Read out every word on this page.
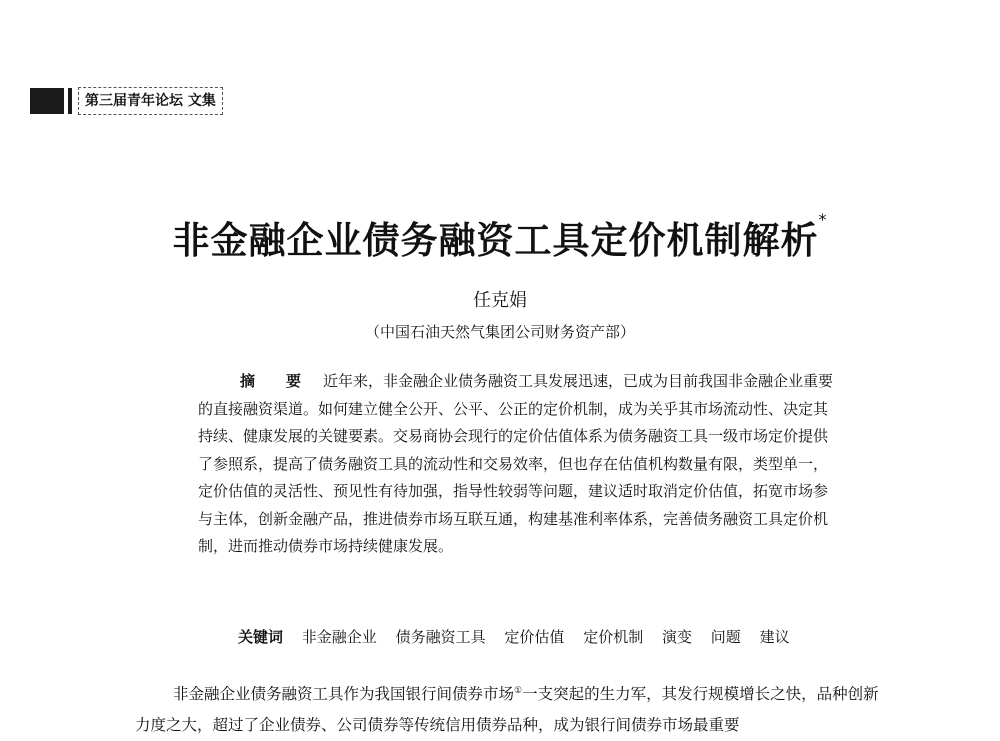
第三届青年论坛 文集
非金融企业债务融资工具定价机制解析*
任克娟
（中国石油天然气集团公司财务资产部）
摘　要 近年来，非金融企业债务融资工具发展迅速，已成为目前我国非金融企业重要的直接融资渠道。如何建立健全公开、公平、公正的定价机制，成为关乎其市场流动性、决定其持续、健康发展的关键要素。交易商协会现行的定价估值体系为债务融资工具一级市场定价提供了参照系，提高了债务融资工具的流动性和交易效率，但也存在估值机构数量有限，类型单一，定价估值的灵活性、预见性有待加强，指导性较弱等问题，建议适时取消定价估值，拓宽市场参与主体，创新金融产品，推进债券市场互联互通，构建基准利率体系，完善债务融资工具定价机制，进而推动债券市场持续健康发展。
关键词 非金融企业 债务融资工具 定价估值 定价机制 演变 问题 建议
非金融企业债务融资工具作为我国银行间债券市场①一支突起的生力军，其发行规模增长之快，品种创新力度之大，超过了企业债券、公司债券等传统信用债券品种，成为银行间债券市场最重要
